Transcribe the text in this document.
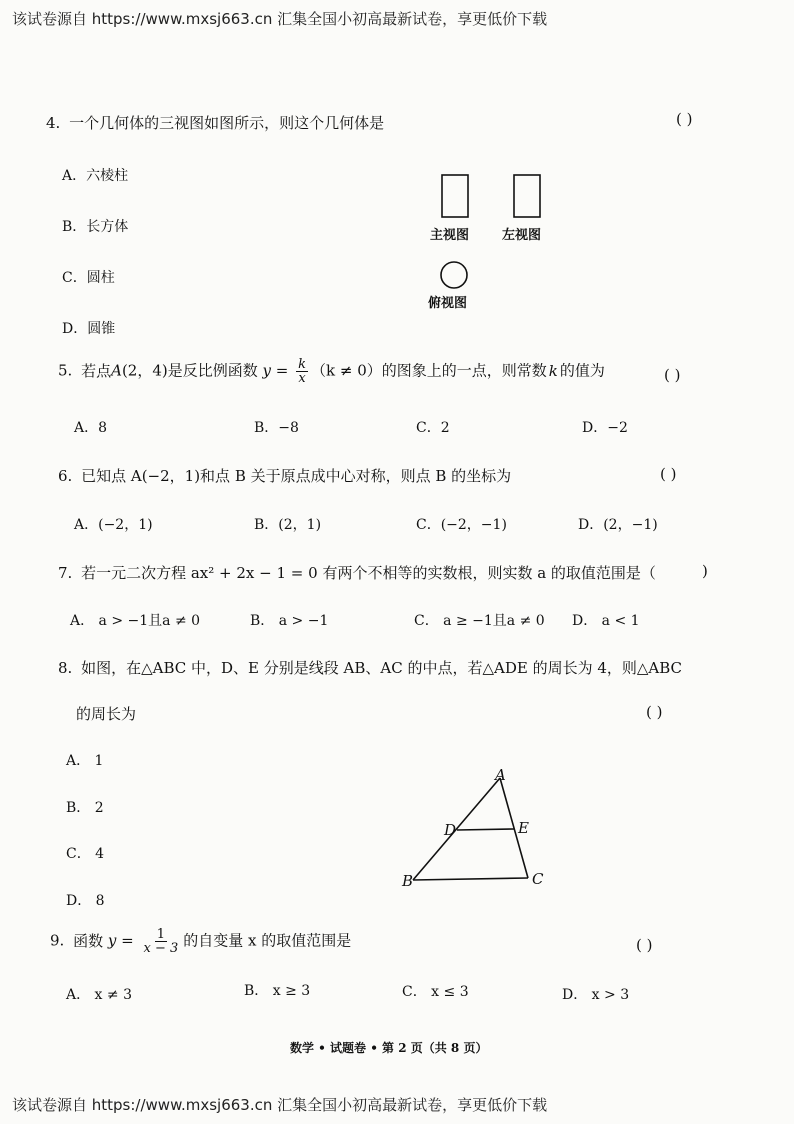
该试卷源自 https://www.mxsj663.cn 汇集全国小初高最新试卷，享更低价下载
4. 一个几何体的三视图如图所示，则这个几何体是	( )
A．六棱柱
B．长方体
C．圆柱
D．圆锥
主视图	左视图
俯视图
5. 若点A(2，4)是反比例函数 $y = \frac{k}{x} (k \ne 0)$的图象上的一点，则常数 k 的值为	( )
A．8	B．−8	C．2	D．−2
6. 已知点 A(−2，1)和点 B 关于原点成中心对称，则点 B 的坐标为	( )
A．(−2，1)	B．(2，1)	C．(−2，−1)	D．(2，−1)
7. 若一元二次方程 ax² + 2x − 1 = 0 有两个不相等的实数根，则实数 a 的取值范围是（	)
A． a > −1且a ≠ 0	B． a > −1	C． a ≥ −1且a ≠ 0 D． a < 1
8. 如图，在△ABC 中，D、E 分别是线段 AB、AC 的中点，若△ADE 的周长为 4，则△ABC
的周长为	( )
A． 1
B． 2
C． 4
D． 8
A
B	C
D	E
9. 函数 $y = \frac{1}{x - 3}$ 的自变量 x 的取值范围是	( )
A． x ≠ 3	B． x ≥ 3	C． x ≤ 3	D． x > 3
数学 • 试题卷 • 第 2 页（共 8 页）
该试卷源自 https://www.mxsj663.cn 汇集全国小初高最新试卷，享更低价下载
